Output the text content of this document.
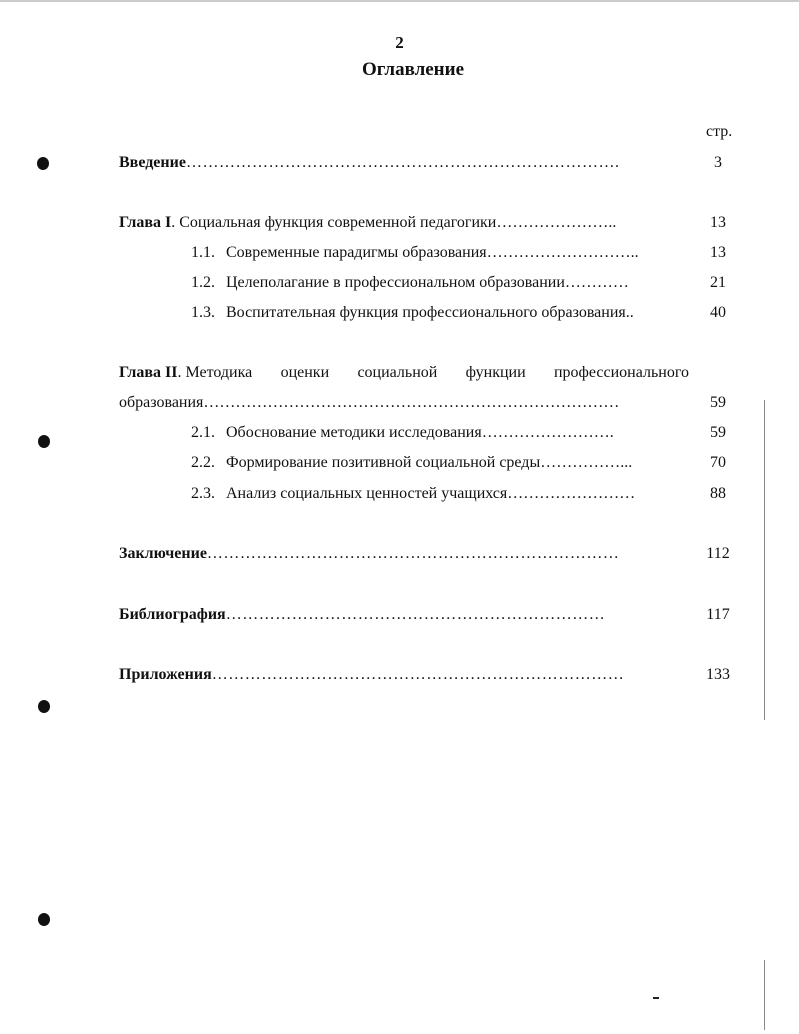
2
Оглавление
стр.
Введение…………………………………………………………………….	3
Глава I. Социальная функция современной педагогики…………………..	13
1.1. Современные парадигмы образования………………………..	13
1.2. Целеполагание в профессиональном образовании…………	21
1.3. Воспитательная функция профессионального образования..	40
Глава II. Методика оценки социальной функции профессионального
образования……………………………………………………………………	59
2.1. Обоснование методики исследования…………………….	59
2.2. Формирование позитивной социальной среды……………...	70
2.3. Анализ социальных ценностей учащихся……………………	88
Заключение…………………………………………………………………	112
Библиография……………………………………………………………	117
Приложения…………………………………………………………………	133
